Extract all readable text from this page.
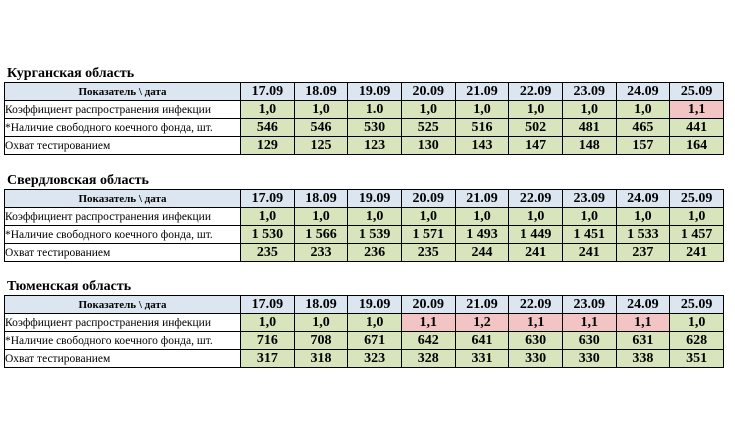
Курганская область
Показатель \ дата	17.09	18.09	19.09	20.09	21.09	22.09	23.09	24.09	25.09
Коэффициент распространения инфекции	1,0	1,0	1.0	1,0	1,0	1,0	1,0	1,0	1,1
*Наличие свободного коечного фонда, шт.	546	546	530	525	516	502	481	465	441
Охват тестированием	129	125	123	130	143	147	148	157	164
Свердловская область
Показатель \ дата	17.09	18.09	19.09	20.09	21.09	22.09	23.09	24.09	25.09
Коэффициент распространения инфекции	1,0	1,0	1,0	1,0	1,0	1,0	1,0	1,0	1,0
*Наличие свободного коечного фонда, шт.	1 530	1 566	1 539	1 571	1 493	1 449	1 451	1 533	1 457
Охват тестированием	235	233	236	235	244	241	241	237	241
Тюменская область
Показатель \ дата	17.09	18.09	19.09	20.09	21.09	22.09	23.09	24.09	25.09
Коэффициент распространения инфекции	1,0	1,0	1,0	1,1	1,2	1,1	1,1	1,1	1,0
*Наличие свободного коечного фонда, шт.	716	708	671	642	641	630	630	631	628
Охват тестированием	317	318	323	328	331	330	330	338	351
